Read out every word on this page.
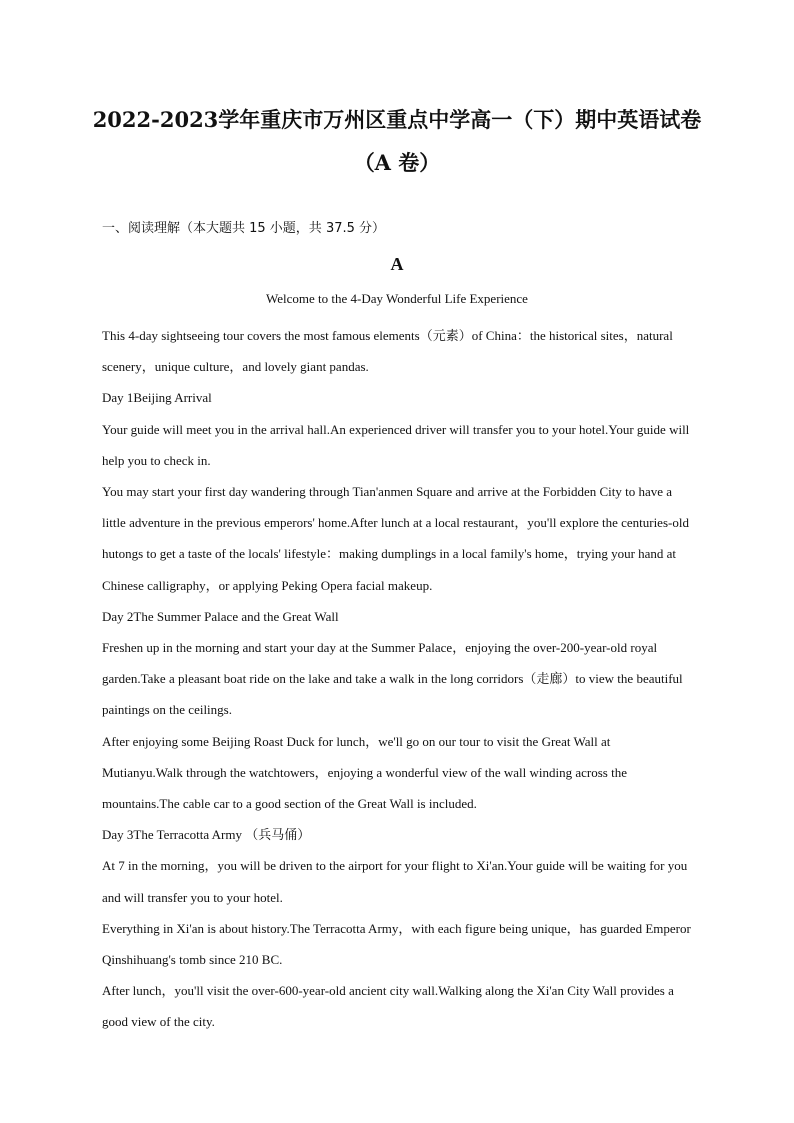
2022-2023学年重庆市万州区重点中学高一（下）期中英语试卷
（A 卷）
一、阅读理解（本大题共 15 小题，共 37.5 分）
A
Welcome to the 4-Day Wonderful Life Experience

This 4-day sightseeing tour covers the most famous elements（元素）of China：the historical sites，natural scenery，unique culture，and lovely giant pandas.

Day 1Beijing Arrival

Your guide will meet you in the arrival hall.An experienced driver will transfer you to your hotel.Your guide will help you to check in.

You may start your first day wandering through Tian'anmen Square and arrive at the Forbidden City to have a little adventure in the previous emperors' home.After lunch at a local restaurant，you'll explore the centuries-old hutongs to get a taste of the locals' lifestyle：making dumplings in a local family's home，trying your hand at Chinese calligraphy，or applying Peking Opera facial makeup.

Day 2The Summer Palace and the Great Wall

Freshen up in the morning and start your day at the Summer Palace，enjoying the over-200-year-old royal garden.Take a pleasant boat ride on the lake and take a walk in the long corridors（走廊）to view the beautiful paintings on the ceilings.

After enjoying some Beijing Roast Duck for lunch，we'll go on our tour to visit the Great Wall at Mutianyu.Walk through the watchtowers，enjoying a wonderful view of the wall winding across the mountains.The cable car to a good section of the Great Wall is included.

Day 3The Terracotta Army （兵马俑）

At 7 in the morning，you will be driven to the airport for your flight to Xi'an.Your guide will be waiting for you and will transfer you to your hotel.

Everything in Xi'an is about history.The Terracotta Army，with each figure being unique，has guarded Emperor Qinshihuang's tomb since 210 BC.

After lunch，you'll visit the over-600-year-old ancient city wall.Walking along the Xi'an City Wall provides a good view of the city.
